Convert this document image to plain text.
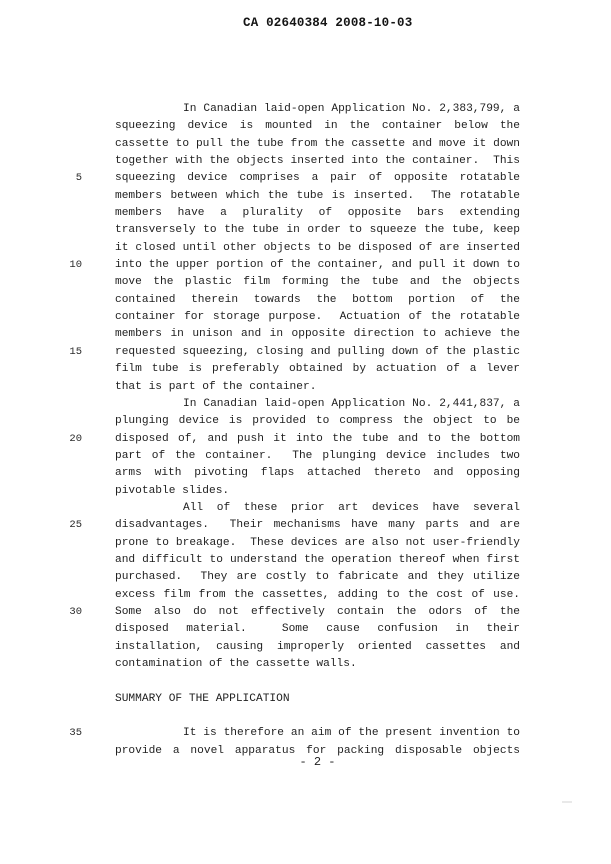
CA 02640384 2008-10-03
In Canadian laid-open Application No. 2,383,799, a
squeezing device is mounted in the container below the
cassette to pull the tube from the cassette and move it down
together with the objects inserted into the container.  This
5	squeezing device comprises a pair of opposite rotatable
members between which the tube is inserted.  The rotatable
members have a plurality of opposite bars extending
transversely to the tube in order to squeeze the tube, keep
it closed until other objects to be disposed of are inserted
10	into the upper portion of the container, and pull it down to
move the plastic film forming the tube and the objects
contained therein towards the bottom portion of the
container for storage purpose.  Actuation of the rotatable
members in unison and in opposite direction to achieve the
15	requested squeezing, closing and pulling down of the plastic
film tube is preferably obtained by actuation of a lever
that is part of the container.
In Canadian laid-open Application No. 2,441,837, a
plunging device is provided to compress the object to be
20	disposed of, and push it into the tube and to the bottom
part of the container.  The plunging device includes two
arms with pivoting flaps attached thereto and opposing
pivotable slides.
All of these prior art devices have several
25	disadvantages.  Their mechanisms have many parts and are
prone to breakage.  These devices are also not user-friendly
and difficult to understand the operation thereof when first
purchased.  They are costly to fabricate and they utilize
excess film from the cassettes, adding to the cost of use.
30	Some also do not effectively contain the odors of the
disposed material.  Some cause confusion in their
installation, causing improperly oriented cassettes and
contamination of the cassette walls.
SUMMARY OF THE APPLICATION
35	It is therefore an aim of the present invention to
provide a novel apparatus for packing disposable objects
- 2 -
